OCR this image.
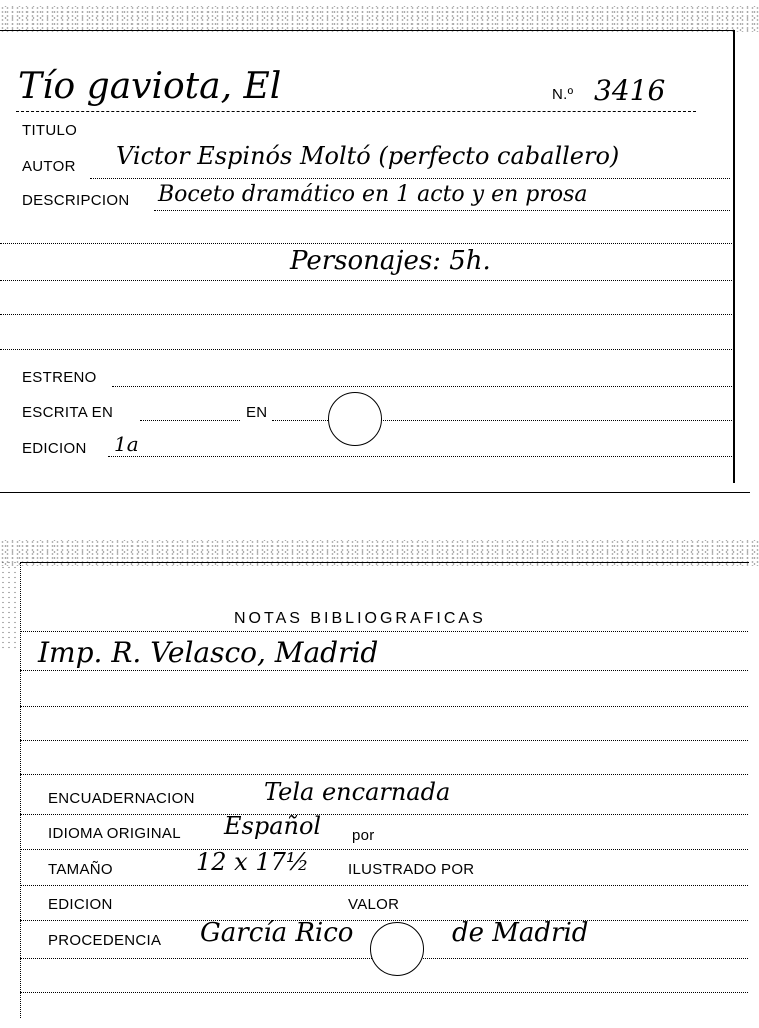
Tío gaviota, El	N.º 3416
TITULO
AUTOR Victor Espinós Moltó (perfecto caballero)
DESCRIPCION Boceto dramático en 1 acto y en prosa
Personajes: 5h.
ESTRENO
ESCRITA EN	EN
EDICION 1a
NOTAS BIBLIOGRAFICAS
Imp. R. Velasco, Madrid
ENCUADERNACION	Tela encarnada
IDIOMA ORIGINAL Español por
TAMAÑO	12 x 17½	ILUSTRADO POR
EDICION	VALOR
PROCEDENCIA García Rico	de Madrid
